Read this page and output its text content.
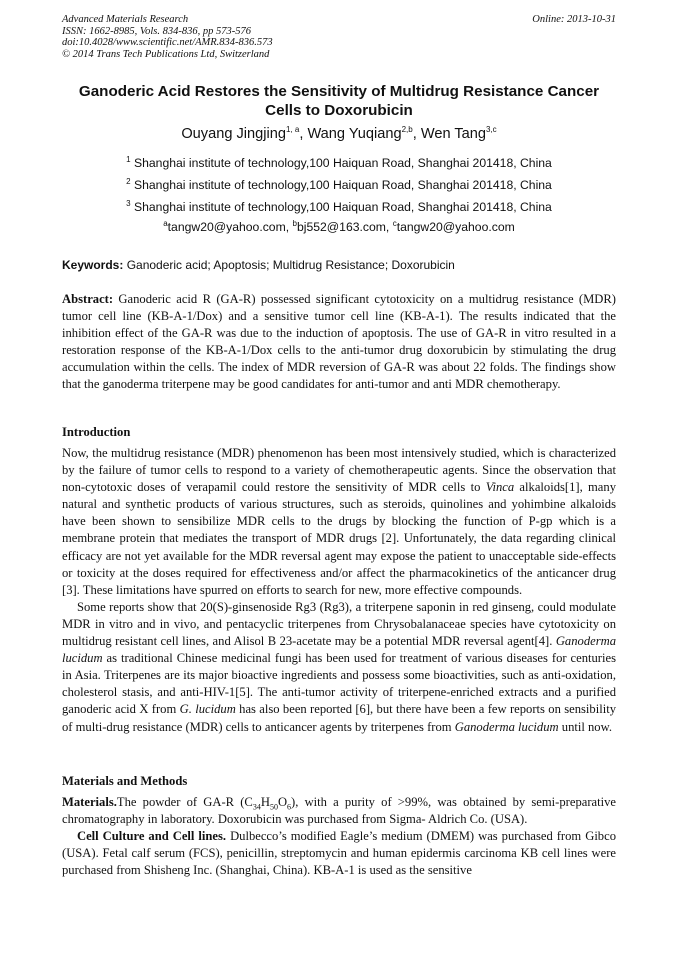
Advanced Materials Research
ISSN: 1662-8985, Vols. 834-836, pp 573-576
doi:10.4028/www.scientific.net/AMR.834-836.573
© 2014 Trans Tech Publications Ltd, Switzerland
Online: 2013-10-31
Ganoderic Acid Restores the Sensitivity of Multidrug Resistance Cancer
Cells to Doxorubicin
Ouyang Jingjing$^{1, a}$, Wang Yuqiang$^{2,b}$, Wen Tang$^{3,c}$
$^1$ Shanghai institute of technology,100 Haiquan Road, Shanghai 201418, China
$^2$ Shanghai institute of technology,100 Haiquan Road, Shanghai 201418, China
$^3$ Shanghai institute of technology,100 Haiquan Road, Shanghai 201418, China
$^a$tangw20@yahoo.com, $^b$bj552@163.com, $^c$tangw20@yahoo.com
Keywords: Ganoderic acid; Apoptosis; Multidrug Resistance; Doxorubicin

Abstract: Ganoderic acid R (GA-R) possessed significant cytotoxicity on a multidrug resistance (MDR) tumor cell line (KB-A-1/Dox) and a sensitive tumor cell line (KB-A-1). The results indicated that the inhibition effect of the GA-R was due to the induction of apoptosis. The use of GA-R in vitro resulted in a restoration response of the KB-A-1/Dox cells to the anti-tumor drug doxorubicin by stimulating the drug accumulation within the cells. The index of MDR reversion of GA-R was about 22 folds. The findings show that the ganoderma triterpene may be good candidates for anti-tumor and anti MDR chemotherapy.

Introduction

Now, the multidrug resistance (MDR) phenomenon has been most intensively studied, which is characterized by the failure of tumor cells to respond to a variety of chemotherapeutic agents. Since the observation that non-cytotoxic doses of verapamil could restore the sensitivity of MDR cells to Vinca alkaloids[1], many natural and synthetic products of various structures, such as steroids, quinolines and yohimbine alkaloids have been shown to sensibilize MDR cells to the drugs by blocking the function of P-gp which is a membrane protein that mediates the transport of MDR drugs [2]. Unfortunately, the data regarding clinical efficacy are not yet available for the MDR reversal agent may expose the patient to unacceptable side-effects or toxicity at the doses required for effectiveness and/or affect the pharmacokinetics of the anticancer drug [3]. These limitations have spurred on efforts to search for new, more effective compounds.

Some reports show that 20(S)-ginsenoside Rg3 (Rg3), a triterpene saponin in red ginseng, could modulate MDR in vitro and in vivo, and pentacyclic triterpenes from Chrysobalanaceae species have cytotoxicity on multidrug resistant cell lines, and Alisol B 23-acetate may be a potential MDR reversal agent[4]. Ganoderma lucidum as traditional Chinese medicinal fungi has been used for treatment of various diseases for centuries in Asia. Triterpenes are its major bioactive ingredients and possess some bioactivities, such as anti-oxidation, cholesterol stasis, and anti-HIV-1[5]. The anti-tumor activity of triterpene-enriched extracts and a purified ganoderic acid X from G. lucidum has also been reported [6], but there have been a few reports on sensibility of multi-drug resistance (MDR) cells to anticancer agents by triterpenes from Ganoderma lucidum until now.

Materials and Methods

Materials.The powder of GA-R $(C_{34}H_{50}O_6)$, with a purity of >99%, was obtained by semi-preparative chromatography in laboratory. Doxorubicin was purchased from Sigma- Aldrich Co. (USA).

Cell Culture and Cell lines. Dulbecco’s modified Eagle’s medium (DMEM) was purchased from Gibco (USA). Fetal calf serum (FCS), penicillin, streptomycin and human epidermis carcinoma KB cell lines were purchased from Shisheng Inc. (Shanghai, China). KB-A-1 is used as the sensitive
